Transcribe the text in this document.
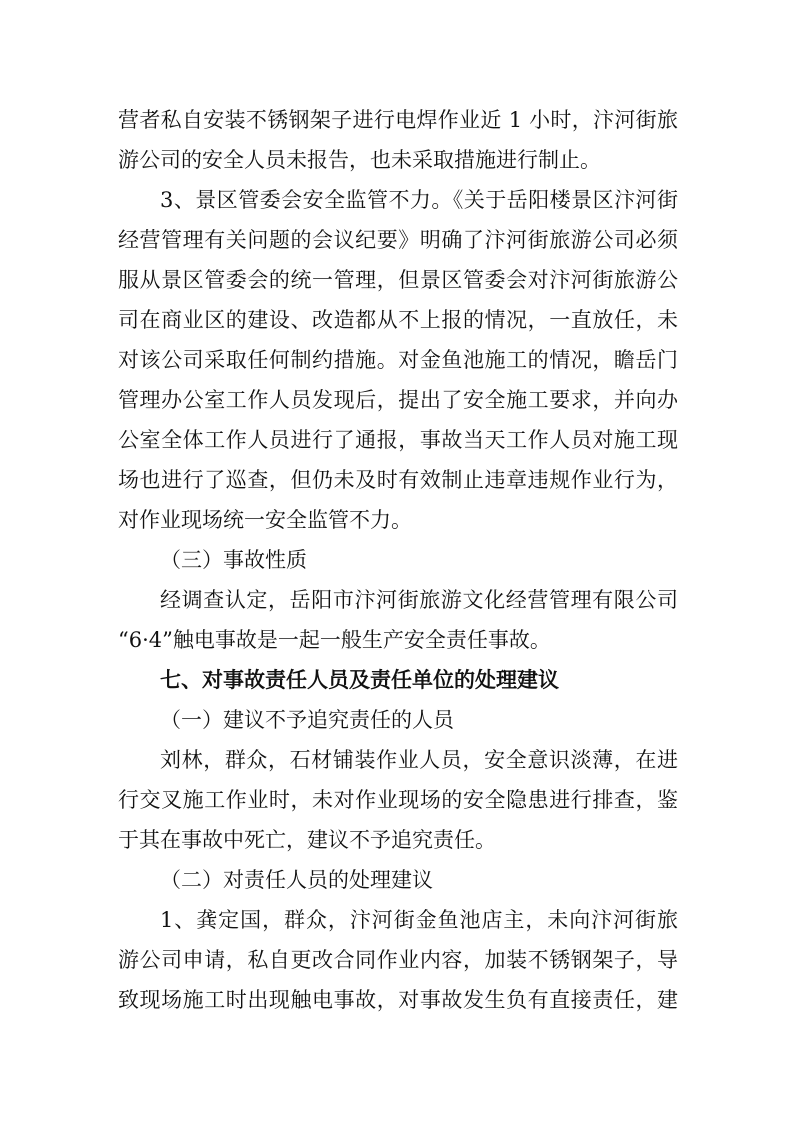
营者私自安装不锈钢架子进行电焊作业近 1 小时，汴河街旅
游公司的安全人员未报告，也未采取措施进行制止。
3、景区管委会安全监管不力。《关于岳阳楼景区汴河街
经营管理有关问题的会议纪要》明确了汴河街旅游公司必须
服从景区管委会的统一管理，但景区管委会对汴河街旅游公
司在商业区的建设、改造都从不上报的情况，一直放任，未
对该公司采取任何制约措施。对金鱼池施工的情况，瞻岳门
管理办公室工作人员发现后，提出了安全施工要求，并向办
公室全体工作人员进行了通报，事故当天工作人员对施工现
场也进行了巡查，但仍未及时有效制止违章违规作业行为，
对作业现场统一安全监管不力。
（三）事故性质
经调查认定，岳阳市汴河街旅游文化经营管理有限公司
“6·4”触电事故是一起一般生产安全责任事故。
七、对事故责任人员及责任单位的处理建议
（一）建议不予追究责任的人员
刘林，群众，石材铺装作业人员，安全意识淡薄，在进
行交叉施工作业时，未对作业现场的安全隐患进行排查，鉴
于其在事故中死亡，建议不予追究责任。
（二）对责任人员的处理建议
1、龚定国，群众，汴河街金鱼池店主，未向汴河街旅
游公司申请，私自更改合同作业内容，加装不锈钢架子，导
致现场施工时出现触电事故，对事故发生负有直接责任，建
